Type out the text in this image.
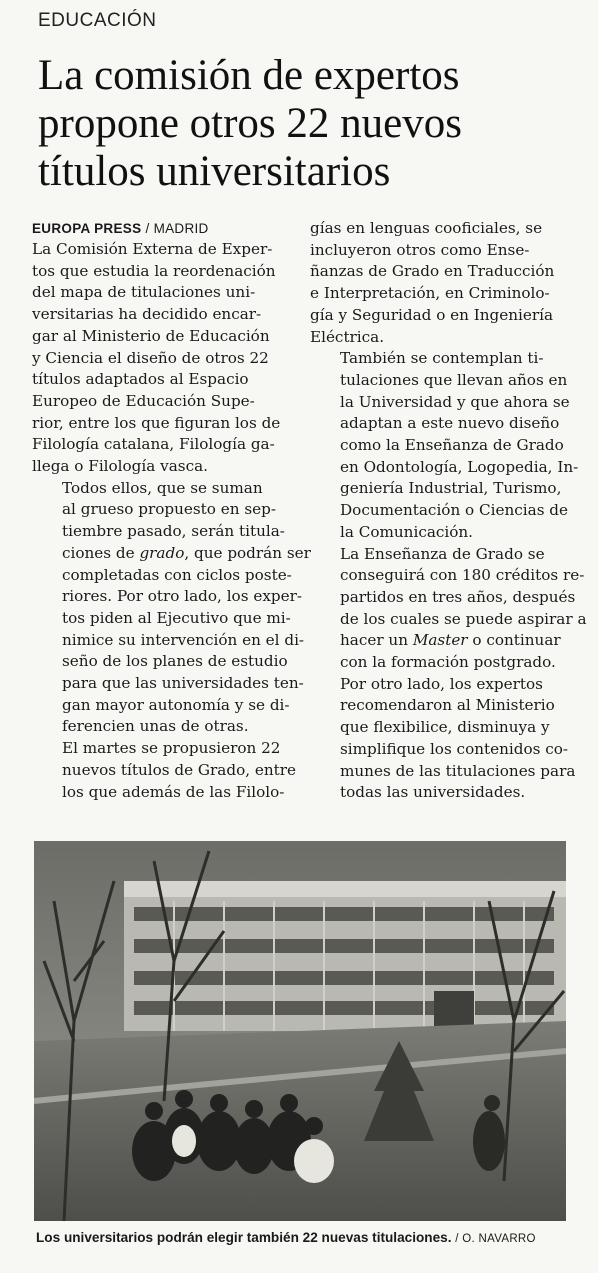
EDUCACIÓN
La comisión de expertos
propone otros 22 nuevos
títulos universitarios
EUROPA PRESS / MADRID

La Comisión Externa de Exper-
tos que estudia la reordenación
del mapa de titulaciones uni-
versitarias ha decidido encar-
gar al Ministerio de Educación
y Ciencia el diseño de otros 22
títulos adaptados al Espacio
Europeo de Educación Supe-
rior, entre los que figuran los de
Filología catalana, Filología ga-
llega o Filología vasca.

Todos ellos, que se suman
al grueso propuesto en sep-
tiembre pasado, serán titula-
ciones de grado, que podrán ser
completadas con ciclos poste-
riores. Por otro lado, los exper-
tos piden al Ejecutivo que mi-
nimice su intervención en el di-
seño de los planes de estudio
para que las universidades ten-
gan mayor autonomía y se di-
ferencien unas de otras.

El martes se propusieron 22
nuevos títulos de Grado, entre
los que además de las Filolo-

gías en lenguas cooficiales, se
incluyeron otros como Ense-
ñanzas de Grado en Traducción
e Interpretación, en Criminolo-
gía y Seguridad o en Ingeniería
Eléctrica.

También se contemplan ti-
tulaciones que llevan años en
la Universidad y que ahora se
adaptan a este nuevo diseño
como la Enseñanza de Grado
en Odontología, Logopedia, In-
geniería Industrial, Turismo,
Documentación o Ciencias de
la Comunicación.

La Enseñanza de Grado se
conseguirá con 180 créditos re-
partidos en tres años, después
de los cuales se puede aspirar a
hacer un Master o continuar
con la formación postgrado.

Por otro lado, los expertos
recomendaron al Ministerio
que flexibilice, disminuya y
simplifique los contenidos co-
munes de las titulaciones para
todas las universidades.

Los universitarios podrán elegir también 22 nuevas titulaciones. / O. NAVARRO
